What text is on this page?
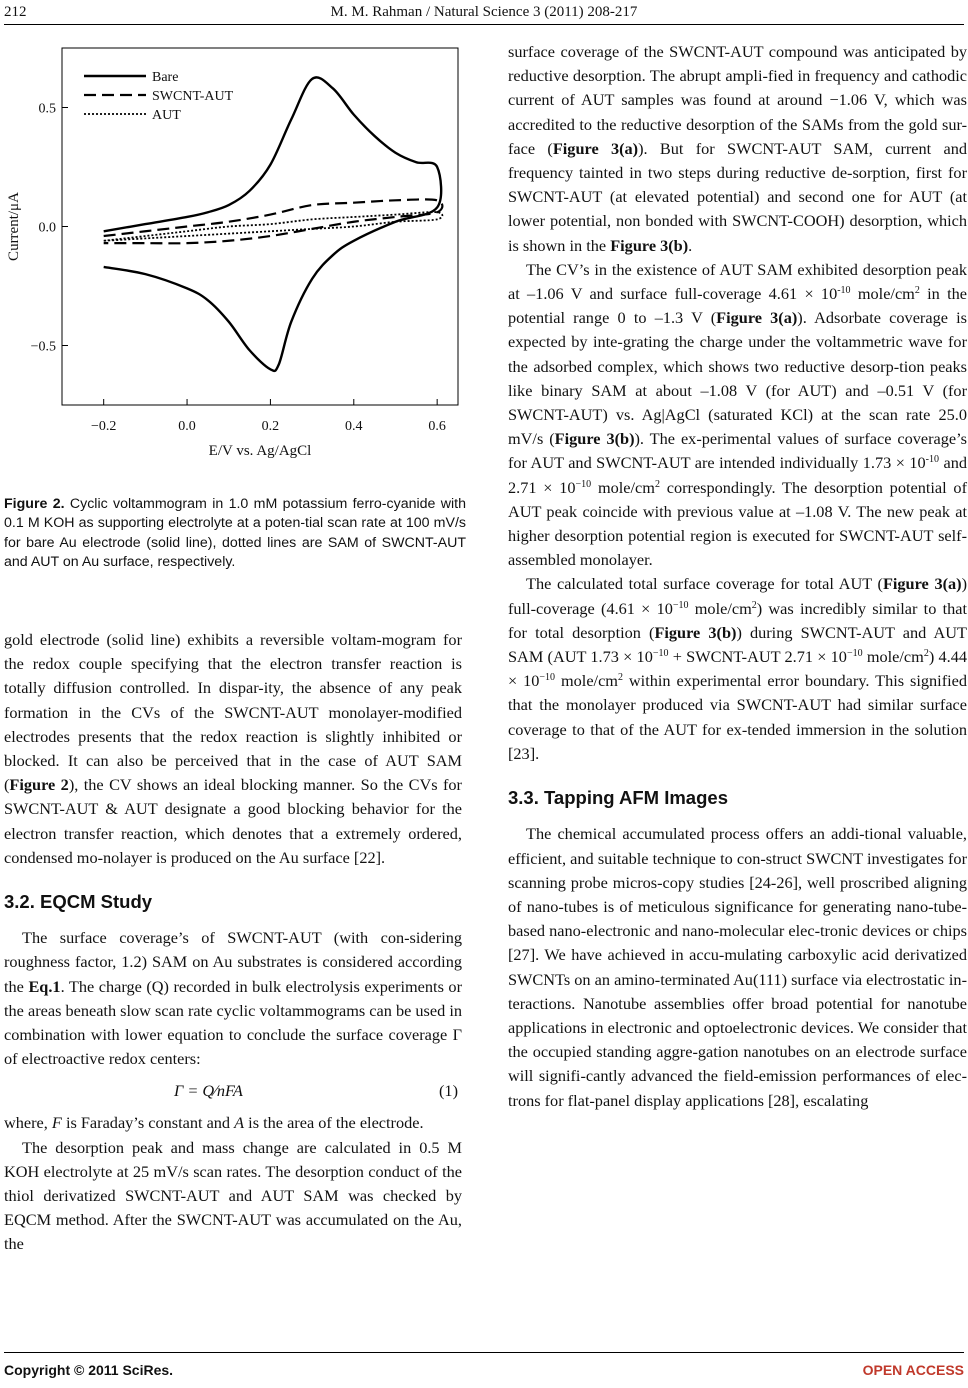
212	M. M. Rahman / Natural Science 3 (2011) 208-217
−0.2	0.0	0.2	0.4	0.6
0.5
0.0
−0.5
E/V vs. Ag/AgCl
Current/μA
Bare
SWCNT-AUT
AUT
Figure 2. Cyclic voltammogram in 1.0 mM potassium ferro-cyanide with 0.1 M KOH as supporting electrolyte at a poten-tial scan rate at 100 mV/s for bare Au electrode (solid line), dotted lines are SAM of SWCNT-AUT and AUT on Au surface, respectively.

gold electrode (solid line) exhibits a reversible voltam-mogram for the redox couple specifying that the electron transfer reaction is totally diffusion controlled. In dispar-ity, the absence of any peak formation in the CVs of the SWCNT-AUT monolayer-modified electrodes presents that the redox reaction is slightly inhibited or blocked. It can also be perceived that in the case of AUT SAM (Figure 2), the CV shows an ideal blocking manner. So the CVs for SWCNT-AUT & AUT designate a good blocking behavior for the electron transfer reaction, which denotes that a extremely ordered, condensed mo-nolayer is produced on the Au surface [22].

3.2. EQCM Study

The surface coverage’s of SWCNT-AUT (with con-sidering roughness factor, 1.2) SAM on Au substrates is considered according the Eq.1. The charge (Q) recorded in bulk electrolysis experiments or the areas beneath slow scan rate cyclic voltammograms can be used in combination with lower equation to conclude the surface coverage Γ of electroactive redox centers:

Γ = Q∕nFA	(1)

where, F is Faraday’s constant and A is the area of the electrode.

The desorption peak and mass change are calculated in 0.5 M KOH electrolyte at 25 mV/s scan rates. The desorption conduct of the thiol derivatized SWCNT-AUT and AUT SAM was checked by EQCM method. After the SWCNT-AUT was accumulated on the Au, the

surface coverage of the SWCNT-AUT compound was anticipated by reductive desorption. The abrupt ampli-fied in frequency and cathodic current of AUT samples was found at around −1.06 V, which was accredited to the reductive desorption of the SAMs from the gold sur-face (Figure 3(a)). But for SWCNT-AUT SAM, current and frequency tainted in two steps during reductive de-sorption, first for SWCNT-AUT (at elevated potential) and second one for AUT (at lower potential, non bonded with SWCNT-COOH) desorption, which is shown in the Figure 3(b).

The CV’s in the existence of AUT SAM exhibited desorption peak at –1.06 V and surface full-coverage $4.61 \times 10^{-10}$ mole/$cm^2$ in the potential range 0 to –1.3 V (Figure 3(a)). Adsorbate coverage is expected by inte-grating the charge under the voltammetric wave for the adsorbed complex, which shows two reductive desorp-tion peaks like binary SAM at about –1.08 V (for AUT) and –0.51 V (for SWCNT-AUT) vs. Ag|AgCl (saturated KCl) at the scan rate 25.0 mV/s (Figure 3(b)). The ex-perimental values of surface coverage’s for AUT and SWCNT-AUT are intended individually $1.73 \times 10^{-10}$ and $2.71 \times 10^{-10}$ mole/$cm^2$ correspondingly. The desorption potential of AUT peak coincide with previous value at –1.08 V. The new peak at higher desorption potential region is executed for SWCNT-AUT self-assembled monolayer.

The calculated total surface coverage for total AUT (Figure 3(a)) full-coverage ($4.61 \times 10^{-10}$ mole/$cm^2$) was incredibly similar to that for total desorption (Figure 3(b)) during SWCNT-AUT and AUT SAM (AUT $1.73 \times 10^{-10}$ + SWCNT-AUT $2.71 \times 10^{-10}$ mole/$cm^2$) $4.44 \times 10^{-10}$ mole/$cm^2$ within experimental error boundary. This signified that the monolayer produced via SWCNT-AUT had similar surface coverage to that of the AUT for ex-tended immersion in the solution [23].

3.3. Tapping AFM Images

The chemical accumulated process offers an addi-tional valuable, efficient, and suitable technique to con-struct SWCNT investigates for scanning probe micros-copy studies [24-26], well proscribed aligning of nano-tubes is of meticulous significance for generating nano-tube-based nano-electronic and nano-molecular elec-tronic devices or chips [27]. We have achieved in accu-mulating carboxylic acid derivatized SWCNTs on an amino-terminated Au(111) surface via electrostatic in-teractions. Nanotube assemblies offer broad potential for nanotube applications in electronic and optoelectronic devices. We consider that the occupied standing aggre-gation nanotubes on an electrode surface will signifi-cantly advanced the field-emission performances of elec-trons for flat-panel display applications [28], escalating

Copyright © 2011 SciRes.	OPEN ACCESS
